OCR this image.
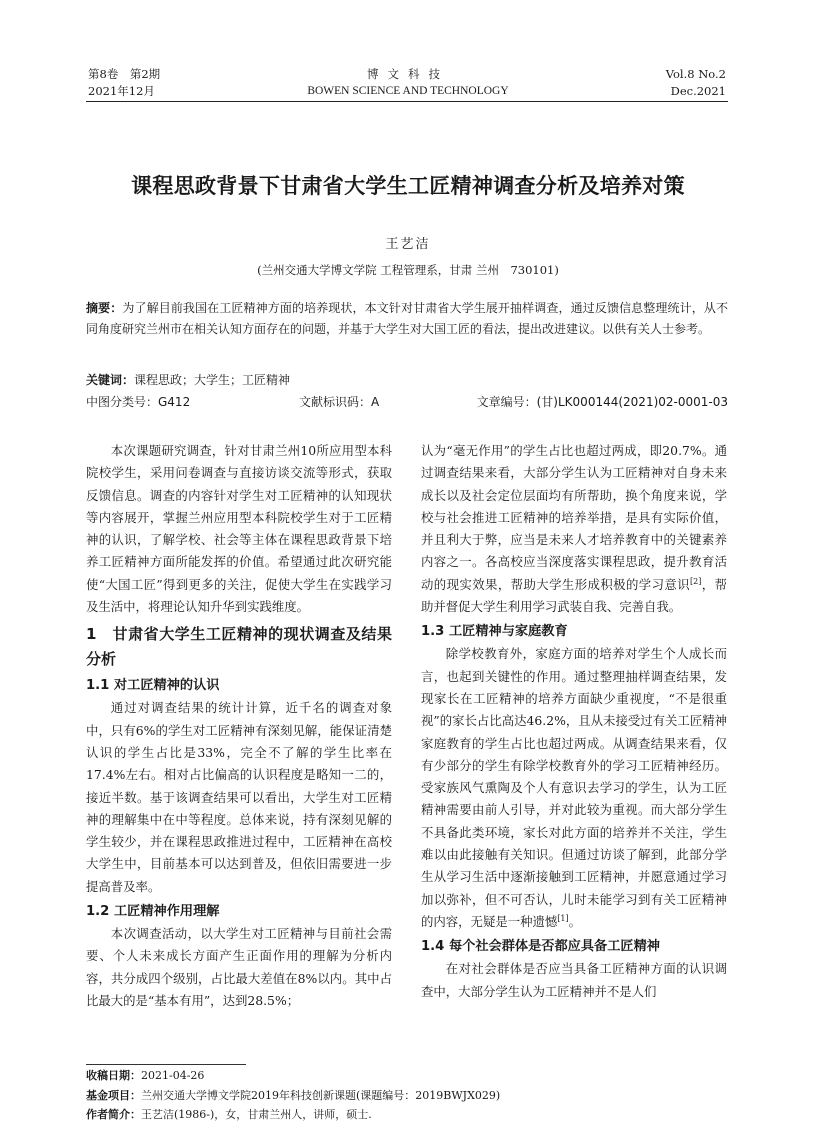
第8卷　第2期
2021年12月
博文科技
BOWEN SCIENCE AND TECHNOLOGY
Vol.8 No.2
Dec.2021
课程思政背景下甘肃省大学生工匠精神调查分析及培养对策
王艺洁
(兰州交通大学博文学院 工程管理系，甘肃 兰州　730101)
摘要：为了解目前我国在工匠精神方面的培养现状，本文针对甘肃省大学生展开抽样调查，通过反馈信息整理统计，从不同角度研究兰州市在相关认知方面存在的问题，并基于大学生对大国工匠的看法，提出改进建议。以供有关人士参考。
关键词：课程思政；大学生；工匠精神
中图分类号：G412	文献标识码：A	文章编号：(甘)LK000144(2021)02-0001-03

本次课题研究调查，针对甘肃兰州10所应用型本科院校学生，采用问卷调查与直接访谈交流等形式，获取反馈信息。调查的内容针对学生对工匠精神的认知现状等内容展开，掌握兰州应用型本科院校学生对于工匠精神的认识，了解学校、社会等主体在课程思政背景下培养工匠精神方面所能发挥的价值。希望通过此次研究能使“大国工匠”得到更多的关注，促使大学生在实践学习及生活中，将理论认知升华到实践维度。

1　甘肃省大学生工匠精神的现状调查及结果分析
1.1 对工匠精神的认识

通过对调查结果的统计计算，近千名的调查对象中，只有6%的学生对工匠精神有深刻见解，能保证清楚认识的学生占比是33%，完全不了解的学生比率在17.4%左右。相对占比偏高的认识程度是略知一二的，接近半数。基于该调查结果可以看出，大学生对工匠精神的理解集中在中等程度。总体来说，持有深刻见解的学生较少，并在课程思政推进过程中，工匠精神在高校大学生中，目前基本可以达到普及，但依旧需要进一步提高普及率。

1.2 工匠精神作用理解

本次调查活动，以大学生对工匠精神与目前社会需要、个人未来成长方面产生正面作用的理解为分析内容，共分成四个级别，占比最大差值在8%以内。其中占比最大的是“基本有用”，达到28.5%；

认为“毫无作用”的学生占比也超过两成，即20.7%。通过调查结果来看，大部分学生认为工匠精神对自身未来成长以及社会定位层面均有所帮助，换个角度来说，学校与社会推进工匠精神的培养举措，是具有实际价值，并且利大于弊，应当是未来人才培养教育中的关键素养内容之一。各高校应当深度落实课程思政，提升教育活动的现实效果，帮助大学生形成积极的学习意识[2]，帮助并督促大学生利用学习武装自我、完善自我。

1.3 工匠精神与家庭教育

除学校教育外，家庭方面的培养对学生个人成长而言，也起到关键性的作用。通过整理抽样调查结果，发现家长在工匠精神的培养方面缺少重视度，“不是很重视”的家长占比高达46.2%，且从未接受过有关工匠精神家庭教育的学生占比也超过两成。从调查结果来看，仅有少部分的学生有除学校教育外的学习工匠精神经历。受家族风气熏陶及个人有意识去学习的学生，认为工匠精神需要由前人引导，并对此较为重视。而大部分学生不具备此类环境，家长对此方面的培养并不关注，学生难以由此接触有关知识。但通过访谈了解到，此部分学生从学习生活中逐渐接触到工匠精神，并愿意通过学习加以弥补，但不可否认，儿时未能学习到有关工匠精神的内容，无疑是一种遗憾[1]。

1.4 每个社会群体是否都应具备工匠精神

在对社会群体是否应当具备工匠精神方面的认识调查中，大部分学生认为工匠精神并不是人们

收稿日期：2021-04-26
基金项目：兰州交通大学博文学院2019年科技创新课题(课题编号：2019BWJX029)
作者简介：王艺洁(1986-)，女，甘肃兰州人，讲师，硕士.
